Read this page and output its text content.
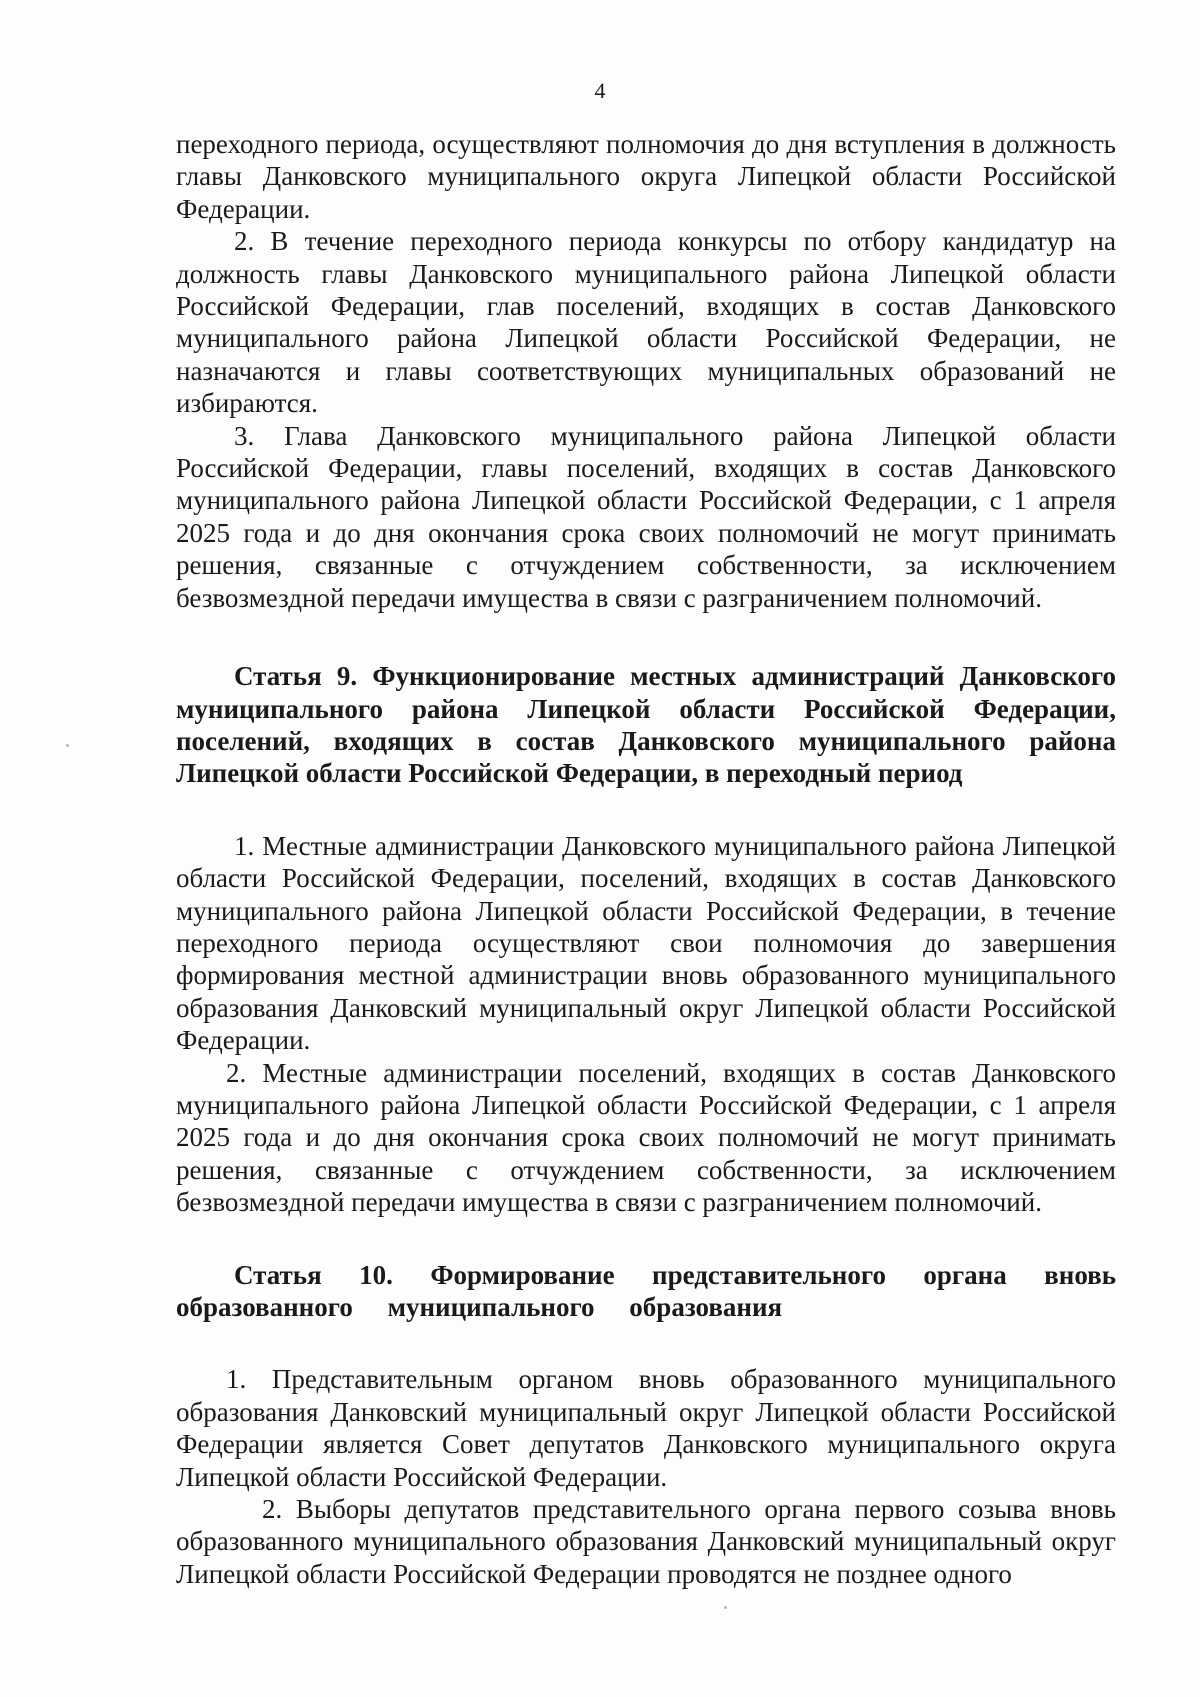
4

переходного периода, осуществляют полномочия до дня вступления в должность главы Данковского муниципального округа Липецкой области Российской Федерации.

2. В течение переходного периода конкурсы по отбору кандидатур на должность главы Данковского муниципального района Липецкой области Российской Федерации, глав поселений, входящих в состав Данковского муниципального района Липецкой области Российской Федерации, не назначаются и главы соответствующих муниципальных образований не избираются.

3. Глава Данковского муниципального района Липецкой области Российской Федерации, главы поселений, входящих в состав Данковского муниципального района Липецкой области Российской Федерации, с 1 апреля 2025 года и до дня окончания срока своих полномочий не могут принимать решения, связанные с отчуждением собственности, за исключением безвозмездной передачи имущества в связи с разграничением полномочий.

Статья 9. Функционирование местных администраций Данковского муниципального района Липецкой области Российской Федерации, поселений, входящих в состав Данковского муниципального района Липецкой области Российской Федерации, в переходный период

1. Местные администрации Данковского муниципального района Липецкой области Российской Федерации, поселений, входящих в состав Данковского муниципального района Липецкой области Российской Федерации, в течение переходного периода осуществляют свои полномочия до завершения формирования местной администрации вновь образованного муниципального образования Данковский муниципальный округ Липецкой области Российской Федерации.

2. Местные администрации поселений, входящих в состав Данковского муниципального района Липецкой области Российской Федерации, с 1 апреля 2025 года и до дня окончания срока своих полномочий не могут принимать решения, связанные с отчуждением собственности, за исключением безвозмездной передачи имущества в связи с разграничением полномочий.

Статья 10. Формирование представительного органа вновь образованного муниципального образования

1. Представительным органом вновь образованного муниципального образования Данковский муниципальный округ Липецкой области Российской Федерации является Совет депутатов Данковского муниципального округа Липецкой области Российской Федерации.

2. Выборы депутатов представительного органа первого созыва вновь образованного муниципального образования Данковский муниципальный округ Липецкой области Российской Федерации проводятся не позднее одного
